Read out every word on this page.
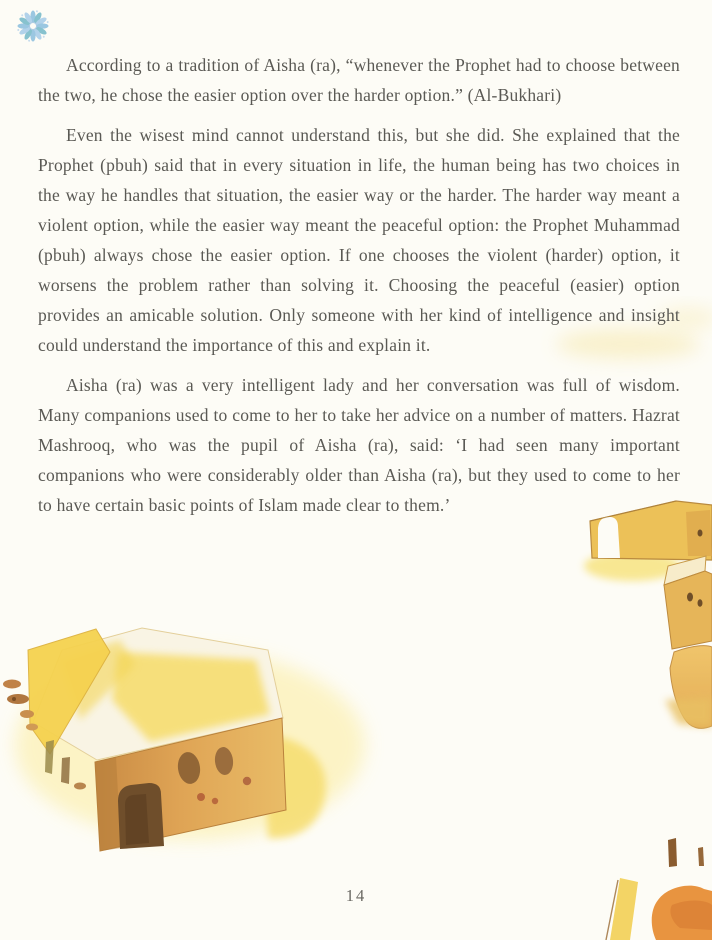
According to a tradition of Aisha (ra), “whenever the Prophet had to choose between the two, he chose the easier option over the harder option.” (Al-Bukhari)

Even the wisest mind cannot understand this, but she did. She explained that the Prophet (pbuh) said that in every situation in life, the human being has two choices in the way he handles that situation, the easier way or the harder. The harder way meant a violent option, while the easier way meant the peaceful option: the Prophet Muhammad (pbuh) always chose the easier option. If one chooses the violent (harder) option, it worsens the problem rather than solving it. Choosing the peaceful (easier) option provides an amicable solution. Only someone with her kind of intelligence and insight could understand the importance of this and explain it.

Aisha (ra) was a very intelligent lady and her conversation was full of wisdom. Many companions used to come to her to take her advice on a number of matters. Hazrat Mashrooq, who was the pupil of Aisha (ra), said: ‘I had seen many important companions who were considerably older than Aisha (ra), but they used to come to her to have certain basic points of Islam made clear to them.’

14
